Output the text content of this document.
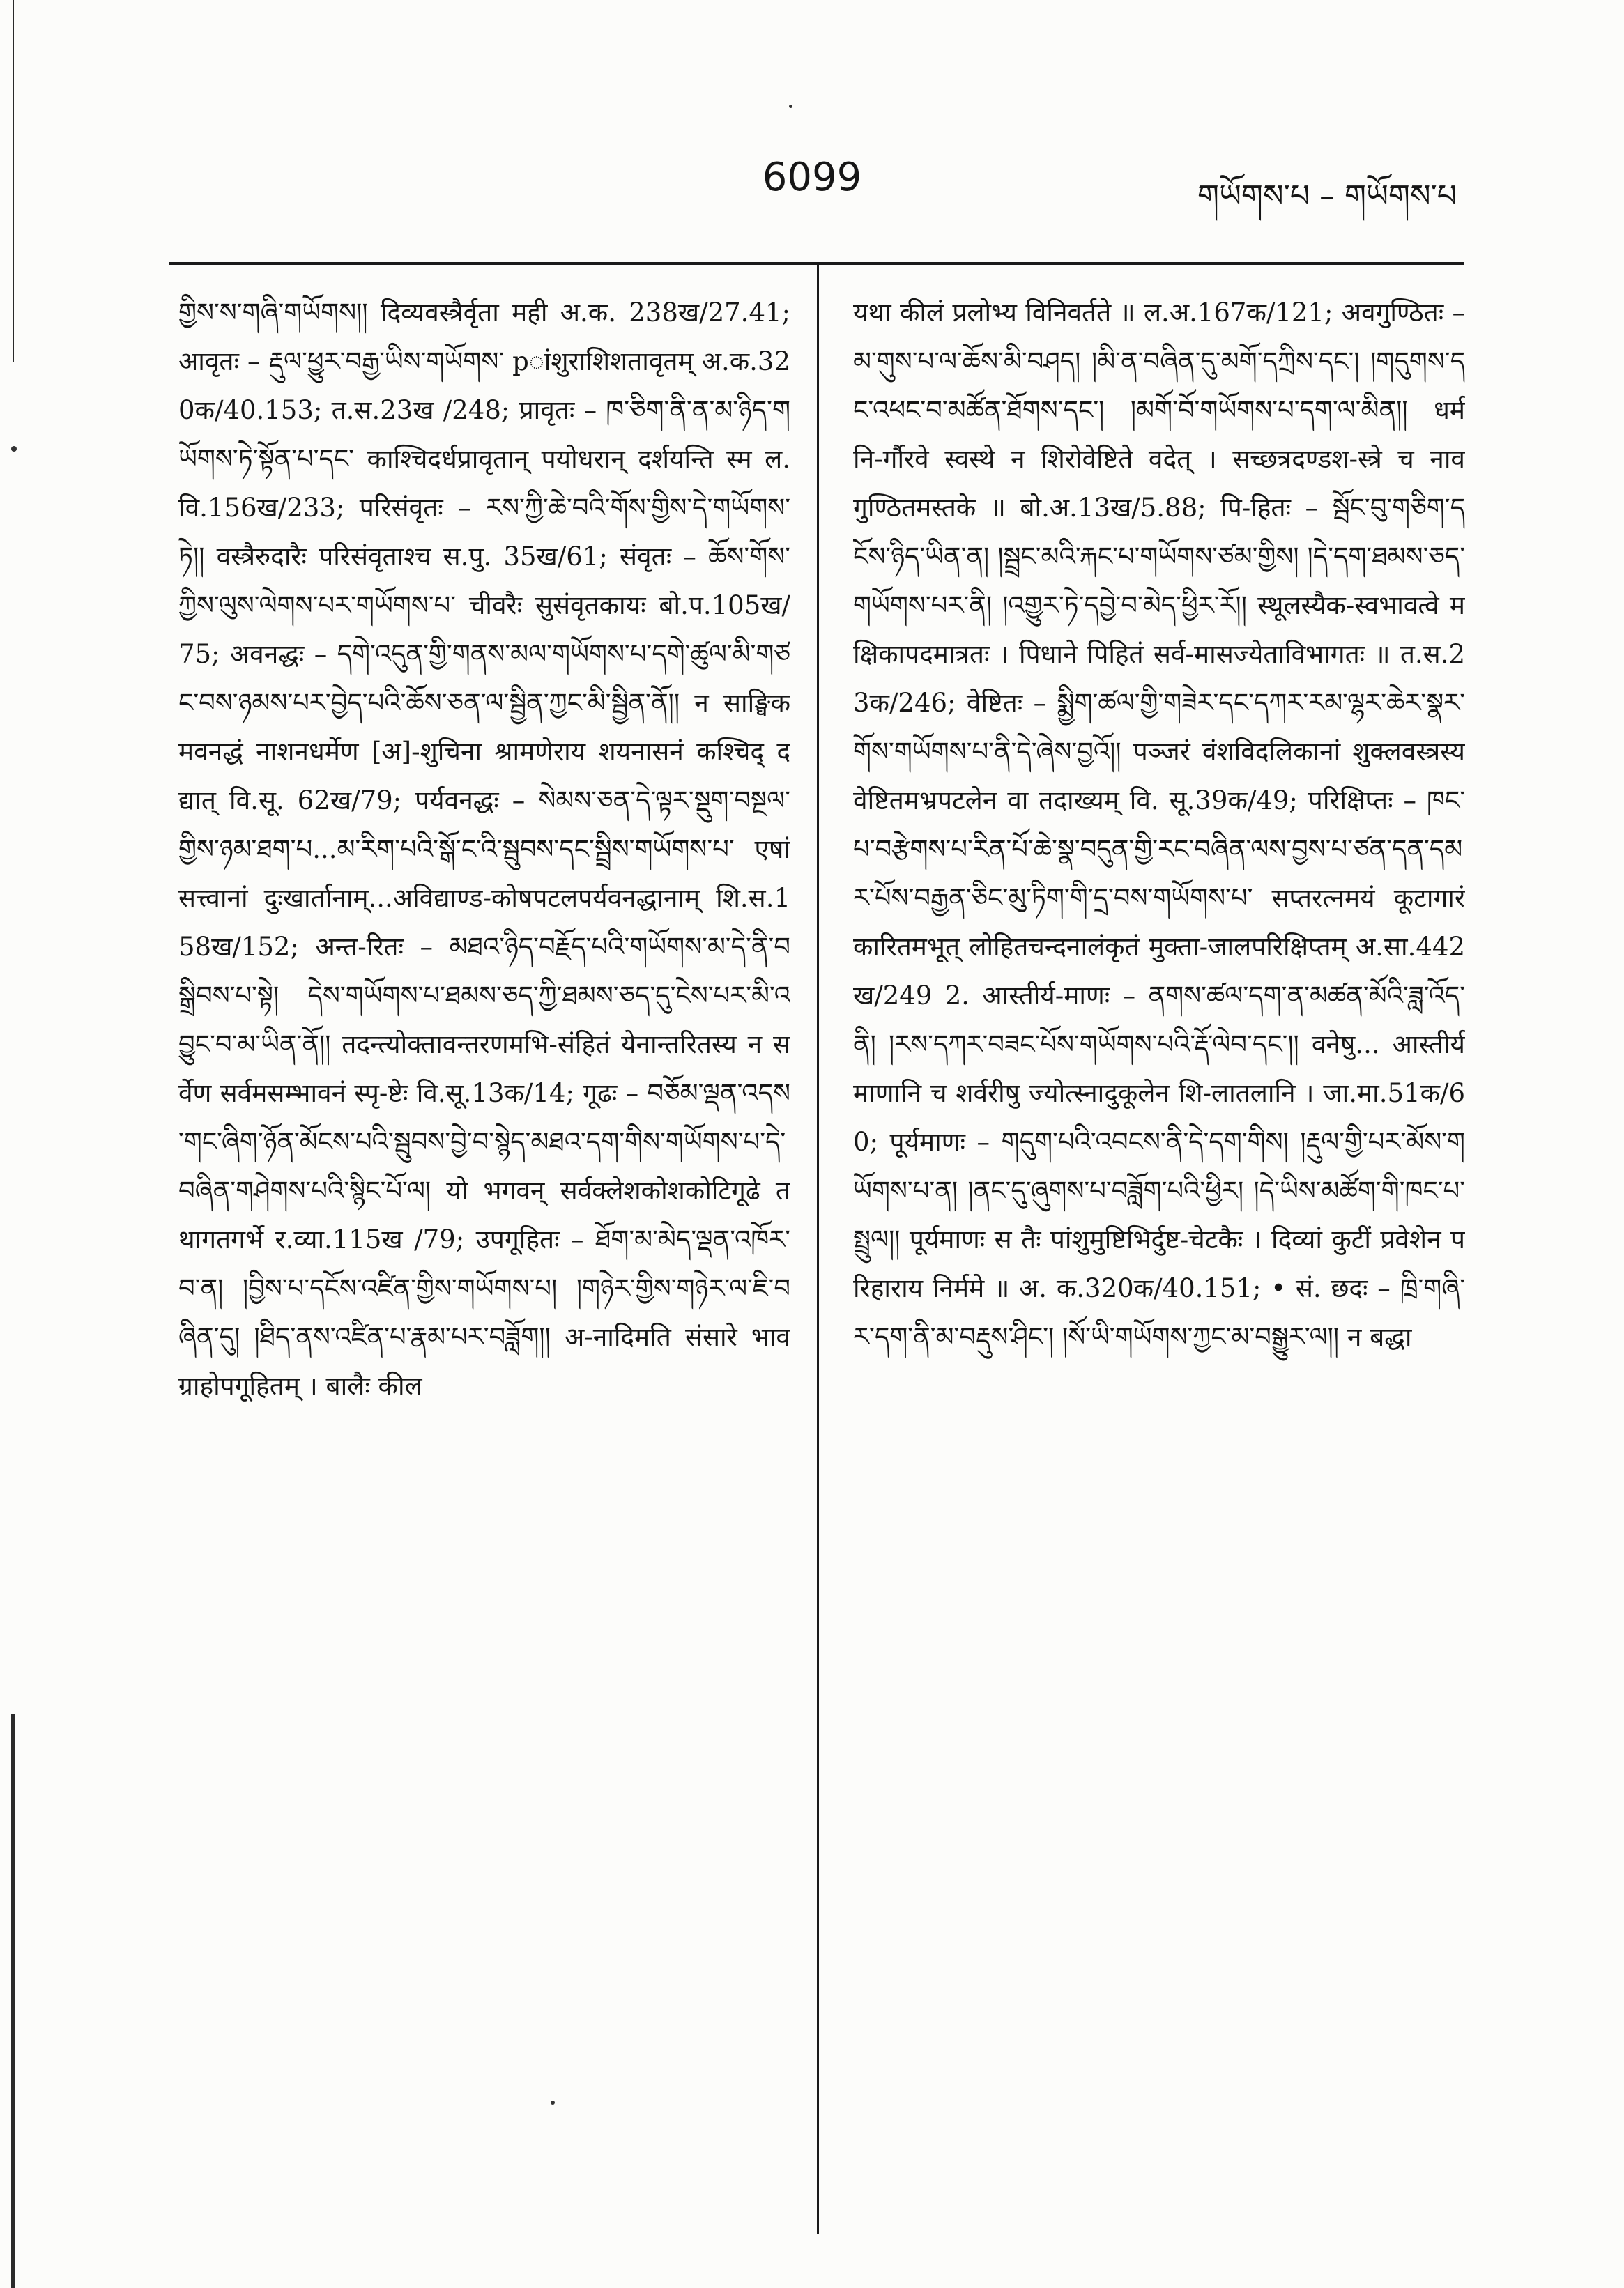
6099	གཡོགས་པ – གཡོགས་པ
གྱིས་ས་གཞི་གཡོགས།། दिव्यवस्त्रैर्वृता मही अ.क. 238ख/27.41; आवृतः – རྡུལ་ཕྱུར་བརྒྱ་ཡིས་གཡོགས་ pांशुराशिशतावृतम् अ.क.320क/40.153; त.स.23ख /248; प्रावृतः – ཁ་ཅིག་ནི་ན་མ་ཉིད་གཡོགས་ཏེ་སྟོན་པ་དང་ काश्चिदर्धप्रावृतान् पयोधरान् दर्शयन्ति स्म ल.वि.156ख/233; परिसंवृतः – རས་ཀྱི་ཆེ་བའི་གོས་གྱིས་དེ་གཡོགས་ཏེ།། वस्त्रैरुदारैः परिसंवृताश्च स.पु. 35ख/61; संवृतः – ཆོས་གོས་ཀྱིས་ལུས་ལེགས་པར་གཡོགས་པ་ चीवरैः सुसंवृतकायः बो.प.105ख/75; अवनद्धः – དགེ་འདུན་གྱི་གནས་མལ་གཡོགས་པ་དགེ་ཚུལ་མི་གཙང་བས་ཉམས་པར་བྱེད་པའི་ཆོས་ཅན་ལ་སྦྱིན་ཀྱང་མི་སྦྱིན་ནོ།། न साङ्घिकमवनद्धं नाशनधर्मेण [अ]-शुचिना श्रामणेराय शयनासनं कश्चिद् दद्यात् वि.सू. 62ख/79; पर्यवनद्धः – སེམས་ཅན་དེ་ལྟར་སྡུག་བསྔལ་གྱིས་ཉམ་ཐག་པ...མ་རིག་པའི་སྒོ་ང་འི་སྦུབས་དང་སྦྲིས་གཡོགས་པ་ एषां सत्त्वानां दुःखार्तानाम्...अविद्याण्ड-कोषपटलपर्यवनद्धानाम् शि.स.158ख/152; अन्त-रितः – མཐའ་ཉིད་བརྗོད་པའི་གཡོགས་མ་དེ་ནི་བསྒྲིབས་པ་སྟེ། དེས་གཡོགས་པ་ཐམས་ཅད་ཀྱི་ཐམས་ཅད་དུ་ངེས་པར་མི་འབྱུང་བ་མ་ཡིན་ནོ།། तदन्त्योक्तावन्तरणमभि-संहितं येनान्तरितस्य न सर्वेण सर्वमसम्भावनं स्पृ-ष्टेः वि.सू.13क/14; गूढः – བཅོམ་ལྡན་འདས་གང་ཞིག་ཉོན་མོངས་པའི་སྦུབས་བྱེ་བ་སྙེད་མཐའ་དག་གིས་གཡོགས་པ་དེ་བཞིན་གཤེགས་པའི་སྙིང་པོ་ལ། यो भगवन् सर्वक्लेशकोशकोटिगूढे तथागतगर्भे र.व्या.115ख /79; उपगूहितः – ཐོག་མ་མེད་ལྡན་འཁོར་བ་ན། །བྱིས་པ་དངོས་འཛིན་གྱིས་གཡོགས་པ། །གཉེར་གྱིས་གཉེར་ལ་ཇི་བཞིན་དུ། །ཐིད་ནས་འཛིན་པ་རྣམ་པར་བཟློག།། अ-नादिमति संसारे भावग्राहोपगूहितम् । बालैः कील
यथा कीलं प्रलोभ्य विनिवर्तते ॥ ल.अ.167क/121; अवगुण्ठितः – མ་གུས་པ་ལ་ཆོས་མི་བཤད། །མི་ན་བཞིན་དུ་མགོ་དཀྲིས་དང་། །གདུགས་དང་འཕང་བ་མཚོན་ཐོགས་དང་། །མགོ་བོ་གཡོགས་པ་དག་ལ་མིན།། धर्म नि-र्गौरवे स्वस्थे न शिरोवेष्टिते वदेत् । सच्छत्रदण्डश-स्त्रे च नावगुण्ठितमस्तके ॥ बो.अ.13ख/5.88; पि-हितः – སྦོང་བུ་གཅིག་དངོས་ཉིད་ཡིན་ན། །སྦྲང་མའི་རྐང་པ་གཡོགས་ཙམ་གྱིས། །དེ་དག་ཐམས་ཅད་གཡོགས་པར་ནི། །འགྱུར་ཏེ་དབྱེ་བ་མེད་ཕྱིར་རོ།། स्थूलस्यैक-स्वभावत्वे मक्षिकापदमात्रतः । पिधाने पिहितं सर्व-मासज्येताविभागतः ॥ त.स.23क/246; वेष्टितः – སྨྱིག་ཚལ་གྱི་གཟེར་དང་དཀར་རམ་ལྷར་ཆེར་སྣར་གོས་གཡོགས་པ་ནི་དེ་ཞེས་བྱའོ།། पञ्जरं वंशविदलिकानां शुक्लवस्त्रस्य वेष्टितमभ्रपटलेन वा तदाख्यम् वि. सू.39क/49; परिक्षिप्तः – ཁང་པ་བརྩེགས་པ་རིན་པོ་ཆེ་སྣ་བདུན་གྱི་རང་བཞིན་ལས་བྱས་པ་ཙན་དན་དམར་པོས་བརྒྱན་ཅིང་མུ་ཏིག་གི་དྲ་བས་གཡོགས་པ་ सप्तरत्नमयं कूटागारं कारितमभूत् लोहितचन्दनालंकृतं मुक्ता-जालपरिक्षिप्तम् अ.सा.442ख/249 2. आस्तीर्य-माणः – ནགས་ཚལ་དག་ན་མཚན་མོའི་ཟླ་འོད་ནི། །རས་དཀར་བཟང་པོས་གཡོགས་པའི་རྡོ་ལེབ་དང་།། वनेषु... आस्तीर्यमाणानि च शर्वरीषु ज्योत्स्नादुकूलेन शि-लातलानि । जा.मा.51क/60; पूर्यमाणः – གདུག་པའི་འབངས་ནི་དེ་དག་གིས། །རྡུལ་གྱི་པར་མོས་གཡོགས་པ་ན། །ནང་དུ་ཞུགས་པ་བཟློག་པའི་ཕྱིར། །དེ་ཡིས་མཚོག་གི་ཁང་པ་སྤྲུལ།། पूर्यमाणः स तैः पांशुमुष्टिभिर्दुष्ट-चेटकैः । दिव्यां कुटीं प्रवेशेन परिहाराय निर्ममे ॥ अ. क.320क/40.151; • सं. छदः – ཁྲི་གཞི་ར་དག་ནི་མ་བརྡུས་ཤིང་། །སོ་ཡི་གཡོགས་ཀྱང་མ་བསྒྱུར་ལ།། न बद्धा
